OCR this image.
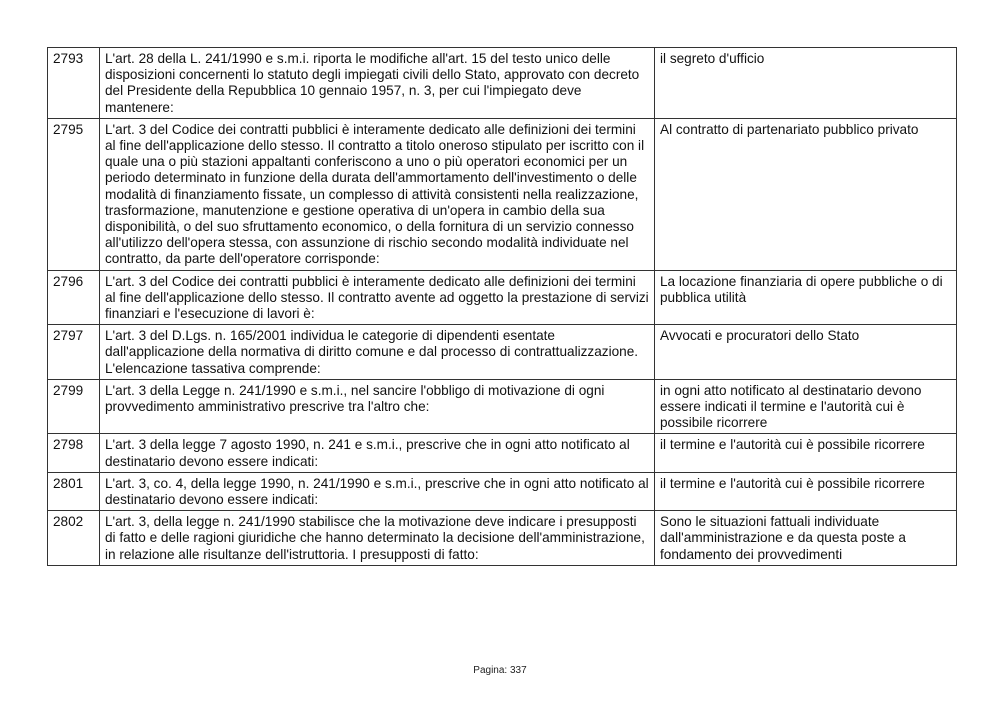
2793	L'art. 28 della L. 241/1990 e s.m.i. riporta le modifiche all'art. 15 del testo unico delle disposizioni concernenti lo statuto degli impiegati civili dello Stato, approvato con decreto del Presidente della Repubblica 10 gennaio 1957, n. 3, per cui l'impiegato deve mantenere:	il segreto d'ufficio
2795	L'art. 3 del Codice dei contratti pubblici è interamente dedicato alle definizioni dei termini al fine dell'applicazione dello stesso. Il contratto a titolo oneroso stipulato per iscritto con il quale una o più stazioni appaltanti conferiscono a uno o più operatori economici per un periodo determinato in funzione della durata dell'ammortamento dell'investimento o delle modalità di finanziamento fissate, un complesso di attività consistenti nella realizzazione, trasformazione, manutenzione e gestione operativa di un'opera in cambio della sua disponibilità, o del suo sfruttamento economico, o della fornitura di un servizio connesso all'utilizzo dell'opera stessa, con assunzione di rischio secondo modalità individuate nel contratto, da parte dell'operatore corrisponde:	Al contratto di partenariato pubblico privato
2796	L'art. 3 del Codice dei contratti pubblici è interamente dedicato alle definizioni dei termini al fine dell'applicazione dello stesso. Il contratto avente ad oggetto la prestazione di servizi finanziari e l'esecuzione di lavori è:	La locazione finanziaria di opere pubbliche o di pubblica utilità
2797	L'art. 3 del D.Lgs. n. 165/2001 individua le categorie di dipendenti esentate dall'applicazione della normativa di diritto comune e dal processo di contrattualizzazione. L'elencazione tassativa comprende:	Avvocati e procuratori dello Stato
2799	L'art. 3 della Legge n. 241/1990 e s.m.i., nel sancire l'obbligo di motivazione di ogni provvedimento amministrativo prescrive tra l'altro che:	in ogni atto notificato al destinatario devono essere indicati il termine e l'autorità cui è possibile ricorrere
2798	L'art. 3 della legge 7 agosto 1990, n. 241 e s.m.i., prescrive che in ogni atto notificato al destinatario devono essere indicati:	il termine e l'autorità cui è possibile ricorrere
2801	L'art. 3, co. 4, della legge 1990, n. 241/1990 e s.m.i., prescrive che in ogni atto notificato al destinatario devono essere indicati:	il termine e l'autorità cui è possibile ricorrere
2802	L'art. 3, della legge n. 241/1990 stabilisce che la motivazione deve indicare i presupposti di fatto e delle ragioni giuridiche che hanno determinato la decisione dell'amministrazione, in relazione alle risultanze dell'istruttoria. I presupposti di fatto:	Sono le situazioni fattuali individuate dall'amministrazione e da questa poste a fondamento dei provvedimenti
Pagina: 337
